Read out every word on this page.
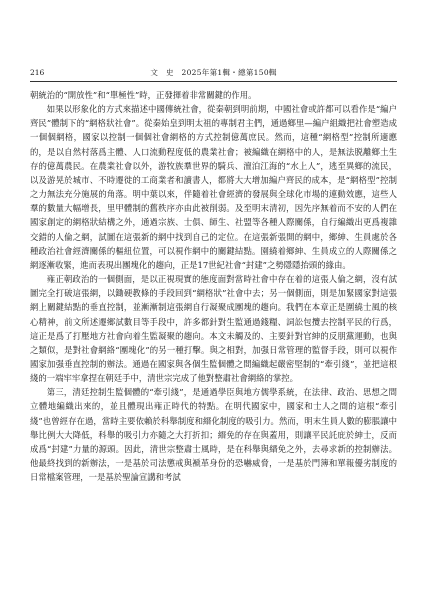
216	文　史　2025年第1輯・總第150輯

朝統治的“開放性”和“單極性”時，正發揮着非常關鍵的作用。

如果以形象化的方式來描述中國傳統社會，從秦朝到明前期，中國社會或許都可以看作是“編户齊民”體制下的“網格狀社會”。從秦始皇到明太祖的專制君主們，通過鄉里—編户組織把社會塑造成一個個網格，國家以控制一個個社會網格的方式控制億萬庶民。然而，這種“網格型”控制所適應的，是以自然村落爲主體、人口流動程度低的農業社會；被編織在網格中的人，是無法脱離鄉土生存的億萬農民。在農業社會以外，游牧族羣世界的騎兵、澶泊江海的“水上人”，逃至異鄉的流民，以及游晃於城市、不時遷徙的工商業者和讀書人，都將大大增加編户齊民的成本，是“網格型”控制之力無法充分施展的角落。明中葉以來，伴隨着社會經濟的發展與全球化市場的連動效應，這些人羣的數量大幅增長，里甲體制的舊秩序亦由此被削弱。及至明末清初，因先序無着而不安的人們在國家創定的網格狀結構之外，通過宗族、士俱、師生、社盟等各種人際關係，自行編織出更爲複雜交錯的人倫之網，試圖在這張新的網中找到自己的定位。在這張新張開的網中，鄉紳、生員處於各種政治社會經濟關係的樞紐位置，可以視作網中的關鍵結點。園繞着鄉紳、生員成立的人際關係之網逐漸收緊，進而表現出團塊化的趨向，正是17世紀社會“封建”之勢隱隱抬頭的緣由。

雍正朝政治的一個側面，是以正視現實的態度面對當時社會中存在着的這張人倫之網，沒有試圖完全打破這張網，以鋤硬教條的手段回到“網格狀”社會中去；另一個側面，則是加緊國家對這張網上關鍵結點的垂直控制，並漸漸制這張網自行凝聚成團塊的趨向。我們在本章正是圍繞士風的核心精神，前文所述遷鄉試數目等手段中，許多都針對生監通過錢糧、詞訟包攬去控制平民的行爲，這正是爲了打壓地方社會向着生監凝聚的趨向。本文未觸及的、主要針對官紳的反朋黨運動，也與之類似，是對社會網絡“團塊化”的另一種打擊。與之相對，加强日常管理的監督手段，則可以視作國家加强垂直控制的辦法。通過在國家與各個生監個體之間編織起嚴密堅制的“牽引綫”，並把這根綫的一端牢牢拿捏在朝廷手中，清世宗完成了他對整肅社會網絡的掌控。

第三，清廷控制生監個體的“牽引綫”，是通過學臣與地方儒學系統，在法律、政治、思想之間立體地編織出來的，並且體現出雍正時代的特點。在明代國家中，國家和士人之間的這根“牽引綫”也曾經存在過，當時主要依賴於科舉制度和縉化制度的吸引力。然而，明末生員人數的膨脹讓中舉比例大大降低，科舉的吸引力亦隨之大打折扣；縉免的存在與蓋用，則讓平民託庇於紳士，反而成爲“封建”力量的源頭。因此，清世宗整肅士風時，是在科舉與縉免之外，去尋求新的控制辦法。他最終找到的新辦法，一是基於司法懲戒與褫革身份的恐嚇威脅，一是基於門簿和單報優劣制度的日常檔案管理，一是基於聖論宣講和考試
